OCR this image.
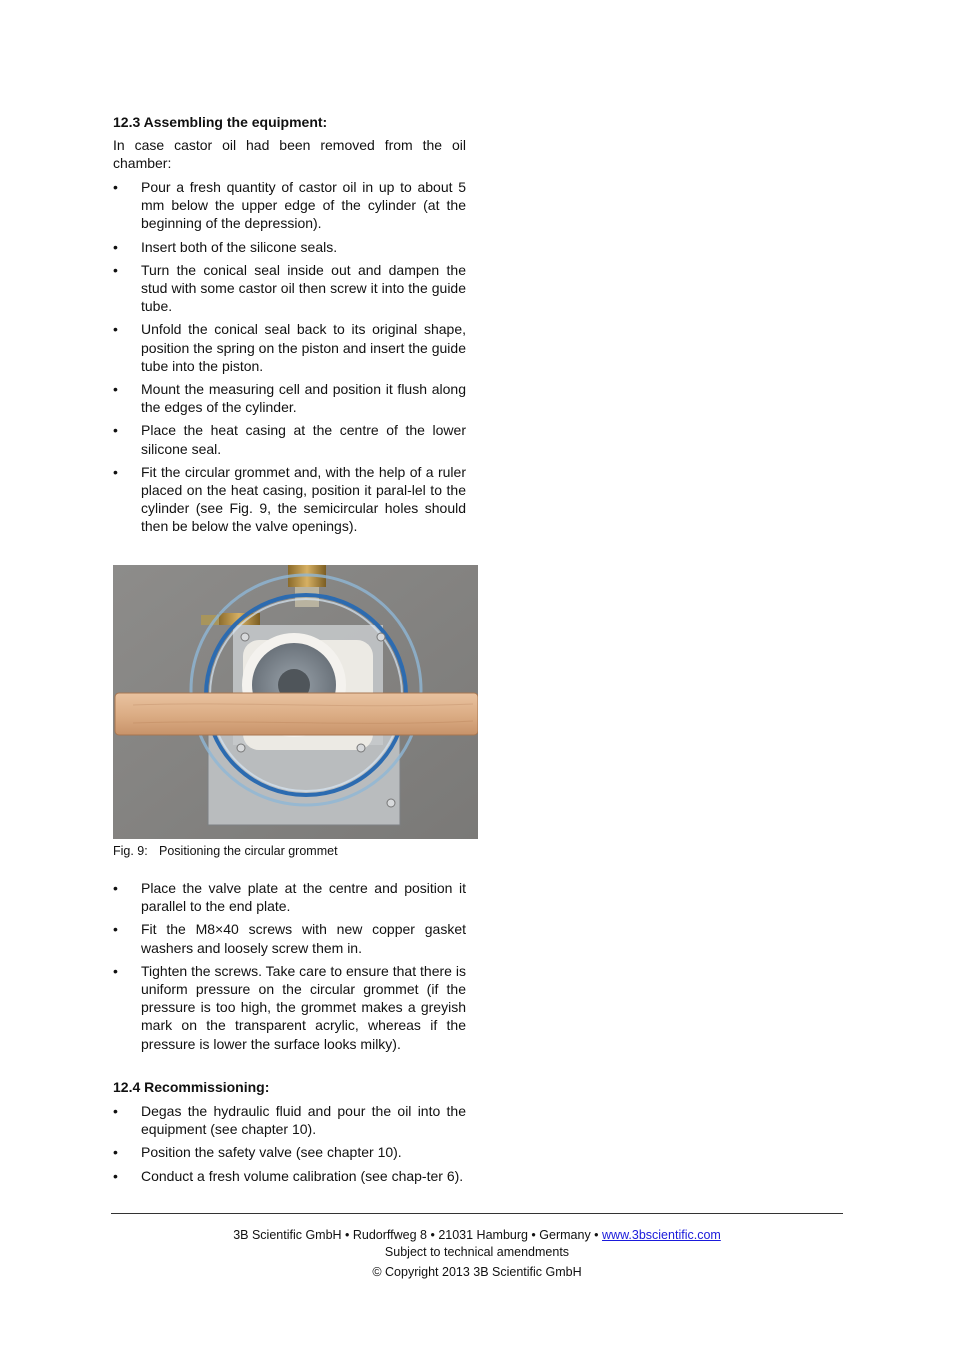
12.3 Assembling the equipment:

In case castor oil had been removed from the oil chamber:

• Pour a fresh quantity of castor oil in up to about 5 mm below the upper edge of the cylinder (at the beginning of the depression).
• Insert both of the silicone seals.
• Turn the conical seal inside out and dampen the stud with some castor oil then screw it into the guide tube.
• Unfold the conical seal back to its original shape, position the spring on the piston and insert the guide tube into the piston.
• Mount the measuring cell and position it flush along the edges of the cylinder.
• Place the heat casing at the centre of the lower silicone seal.
• Fit the circular grommet and, with the help of a ruler placed on the heat casing, position it paral-lel to the cylinder (see Fig. 9, the semicircular holes should then be below the valve openings).
Fig. 9: Positioning the circular grommet
• Place the valve plate at the centre and position it parallel to the end plate.
• Fit the M8×40 screws with new copper gasket washers and loosely screw them in.
• Tighten the screws. Take care to ensure that there is uniform pressure on the circular grommet (if the pressure is too high, the grommet makes a greyish mark on the transparent acrylic, whereas if the pressure is lower the surface looks milky).
12.4 Recommissioning:
• Degas the hydraulic fluid and pour the oil into the equipment (see chapter 10).
• Position the safety valve (see chapter 10).
• Conduct a fresh volume calibration (see chap-ter 6).
3B Scientific GmbH • Rudorffweg 8 • 21031 Hamburg • Germany • www.3bscientific.com
Subject to technical amendments
© Copyright 2013 3B Scientific GmbH
